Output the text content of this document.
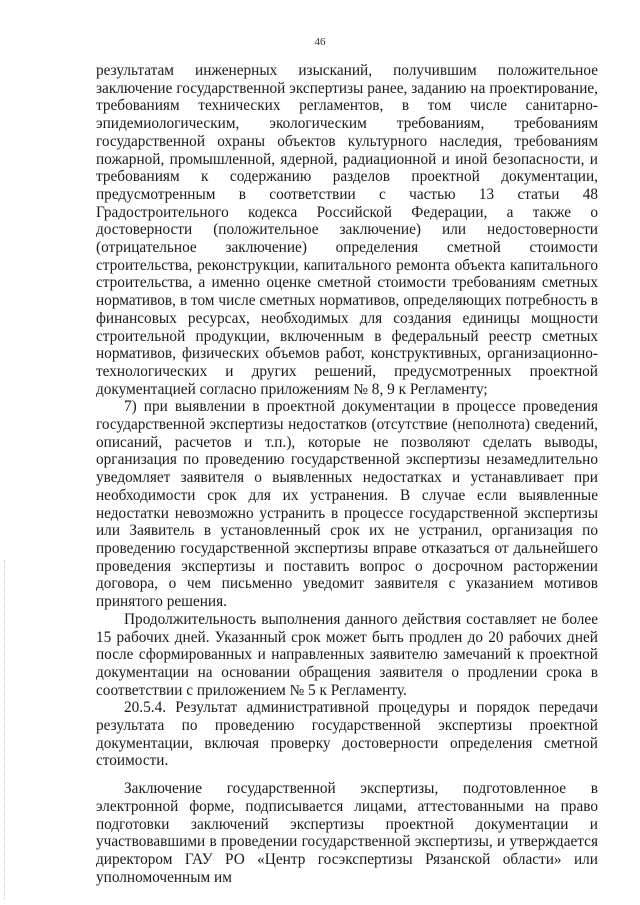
46

результатам инженерных изысканий, получившим положительное заключение государственной экспертизы ранее, заданию на проектирование, требованиям технических регламентов, в том числе санитарно-эпидемиологическим, экологическим требованиям, требованиям государственной охраны объектов культурного наследия, требованиям пожарной, промышленной, ядерной, радиационной и иной безопасности, и требованиям к содержанию разделов проектной документации, предусмотренным в соответствии с частью 13 статьи 48 Градостроительного кодекса Российской Федерации, а также о достоверности (положительное заключение) или недостоверности (отрицательное заключение) определения сметной стоимости строительства, реконструкции, капитального ремонта объекта капитального строительства, а именно оценке сметной стоимости требованиям сметных нормативов, в том числе сметных нормативов, определяющих потребность в финансовых ресурсах, необходимых для создания единицы мощности строительной продукции, включенным в федеральный реестр сметных нормативов, физических объемов работ, конструктивных, организационно-технологических и других решений, предусмотренных проектной документацией согласно приложениям № 8, 9 к Регламенту;

7) при выявлении в проектной документации в процессе проведения государственной экспертизы недостатков (отсутствие (неполнота) сведений, описаний, расчетов и т.п.), которые не позволяют сделать выводы, организация по проведению государственной экспертизы незамедлительно уведомляет заявителя о выявленных недостатках и устанавливает при необходимости срок для их устранения. В случае если выявленные недостатки невозможно устранить в процессе государственной экспертизы или Заявитель в установленный срок их не устранил, организация по проведению государственной экспертизы вправе отказаться от дальнейшего проведения экспертизы и поставить вопрос о досрочном расторжении договора, о чем письменно уведомит заявителя с указанием мотивов принятого решения.

Продолжительность выполнения данного действия составляет не более 15 рабочих дней. Указанный срок может быть продлен до 20 рабочих дней после сформированных и направленных заявителю замечаний к проектной документации на основании обращения заявителя о продлении срока в соответствии с приложением № 5 к Регламенту.

20.5.4. Результат административной процедуры и порядок передачи результата по проведению государственной экспертизы проектной документации, включая проверку достоверности определения сметной стоимости.

Заключение государственной экспертизы, подготовленное в электронной форме, подписывается лицами, аттестованными на право подготовки заключений экспертизы проектной документации и участвовавшими в проведении государственной экспертизы, и утверждается директором ГАУ РО «Центр госэкспертизы Рязанской области» или уполномоченным им
